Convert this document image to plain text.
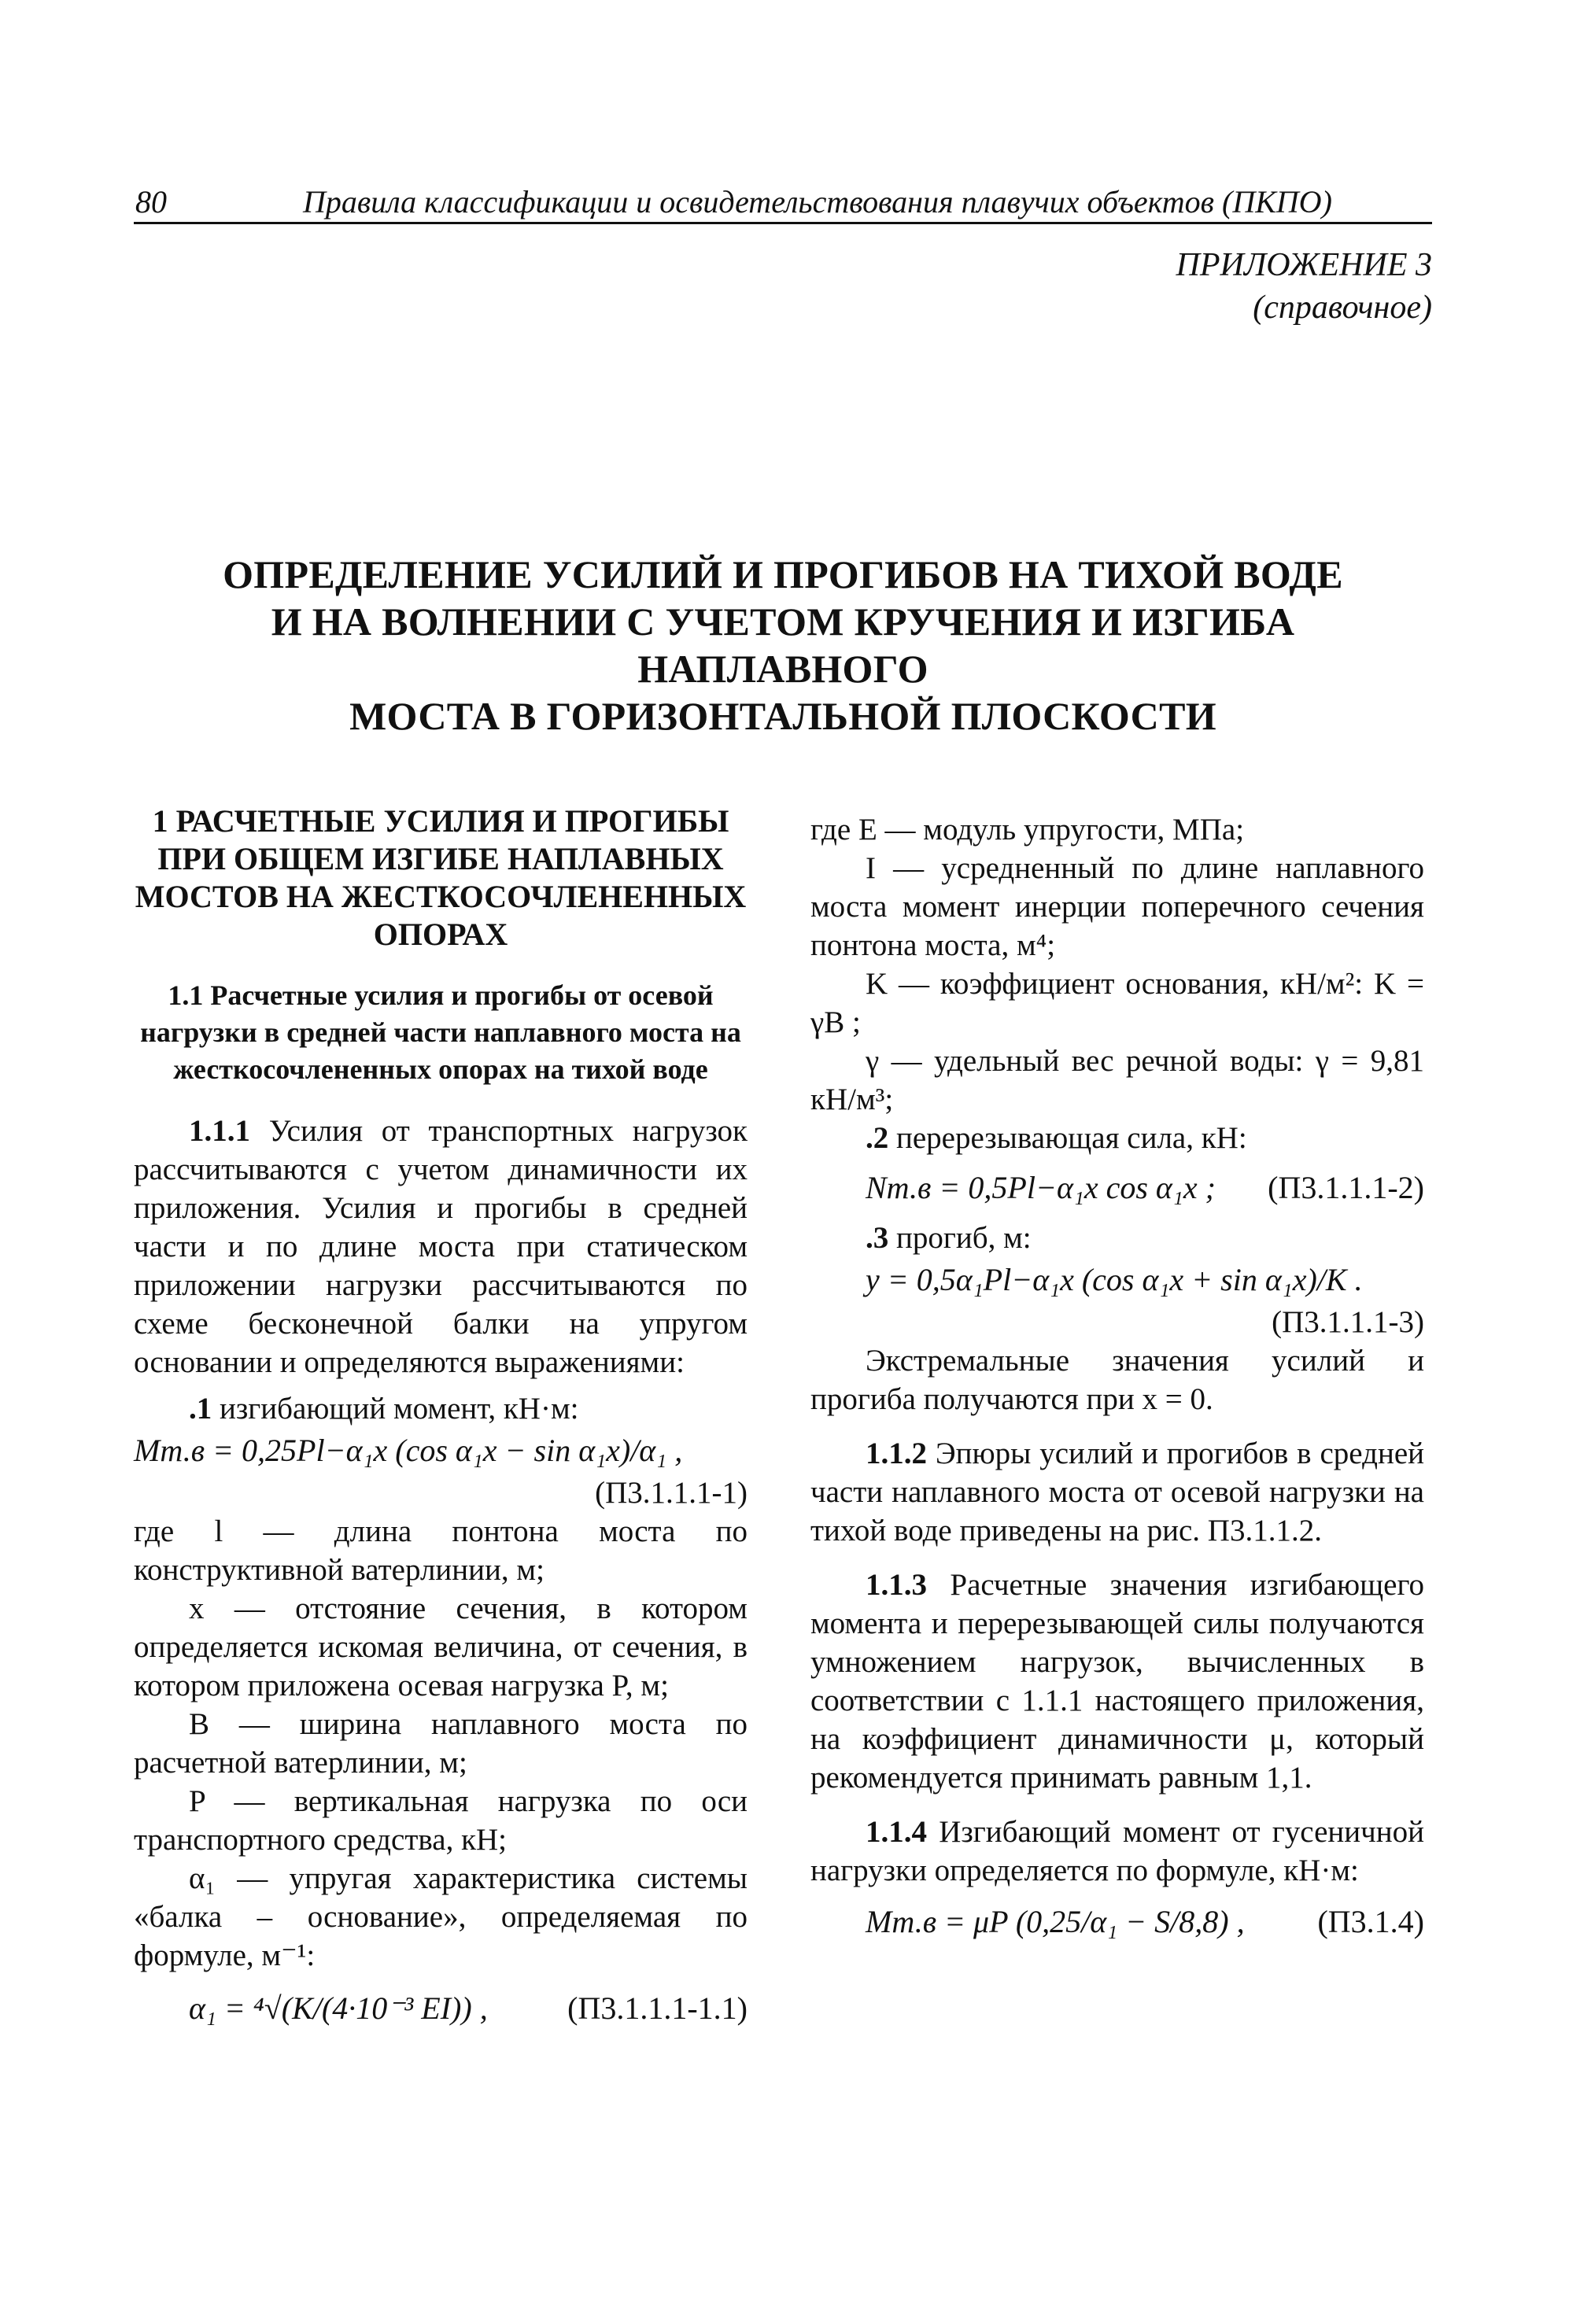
80	Правила классификации и освидетельствования плавучих объектов (ПКПО)
ПРИЛОЖЕНИЕ 3
(справочное)
ОПРЕДЕЛЕНИЕ УСИЛИЙ И ПРОГИБОВ НА ТИХОЙ ВОДЕ
И НА ВОЛНЕНИИ С УЧЕТОМ КРУЧЕНИЯ И ИЗГИБА НАПЛАВНОГО
МОСТА В ГОРИЗОНТАЛЬНОЙ ПЛОСКОСТИ
1 РАСЧЕТНЫЕ УСИЛИЯ И ПРОГИБЫ ПРИ ОБЩЕМ ИЗГИБЕ НАПЛАВНЫХ МОСТОВ НА ЖЕСТКОСОЧЛЕНЕННЫХ ОПОРАХ
1.1 Расчетные усилия и прогибы от осевой нагрузки в средней части наплавного моста на жесткосочлененных опорах на тихой воде

1.1.1 Усилия от транспортных нагрузок рассчитываются с учетом динамичности их приложения. Усилия и прогибы в средней части и по длине моста при статическом приложении нагрузки рассчитываются по схеме бесконечной балки на упругом основании и определяются выражениями:

.1 изгибающий момент, кН·м:

Mт.в = 0,25Pl−α₁x (cos α₁x − sin α₁x)/α₁ ,
(П3.1.1.1-1)

где l — длина понтона моста по конструктивной ватерлинии, м;

x — отстояние сечения, в котором определяется искомая величина, от сечения, в котором приложена осевая нагрузка P, м;

B — ширина наплавного моста по расчетной ватерлинии, м;

P — вертикальная нагрузка по оси транспортного средства, кН;

α₁ — упругая характеристика системы «балка – основание», определяемая по формуле, м⁻¹:

α₁ = ⁴√(K/(4·10⁻³ EI)) ,	(П3.1.1.1-1.1)

где E — модуль упругости, МПа;

I — усредненный по длине наплавного моста момент инерции поперечного сечения понтона моста, м⁴;

K — коэффициент основания, кН/м²: K = γB ;

γ — удельный вес речной воды: γ = 9,81 кН/м³;

.2 перерезывающая сила, кН:

Nт.в = 0,5Pl−α₁x cos α₁x ; (П3.1.1.1-2)

.3 прогиб, м:

y = 0,5α₁Pl−α₁x (cos α₁x + sin α₁x)/K .
(П3.1.1.1-3)

Экстремальные значения усилий и прогиба получаются при x = 0.

1.1.2 Эпюры усилий и прогибов в средней части наплавного моста от осевой нагрузки на тихой воде приведены на рис. П3.1.1.2.

1.1.3 Расчетные значения изгибающего момента и перерезывающей силы получаются умножением нагрузок, вычисленных в соответствии с 1.1.1 настоящего приложения, на коэффициент динамичности μ, который рекомендуется принимать равным 1,1.

1.1.4 Изгибающий момент от гусеничной нагрузки определяется по формуле, кН·м:

Mт.в = μP (0,25/α₁ − S/8,8) , (П3.1.4)
